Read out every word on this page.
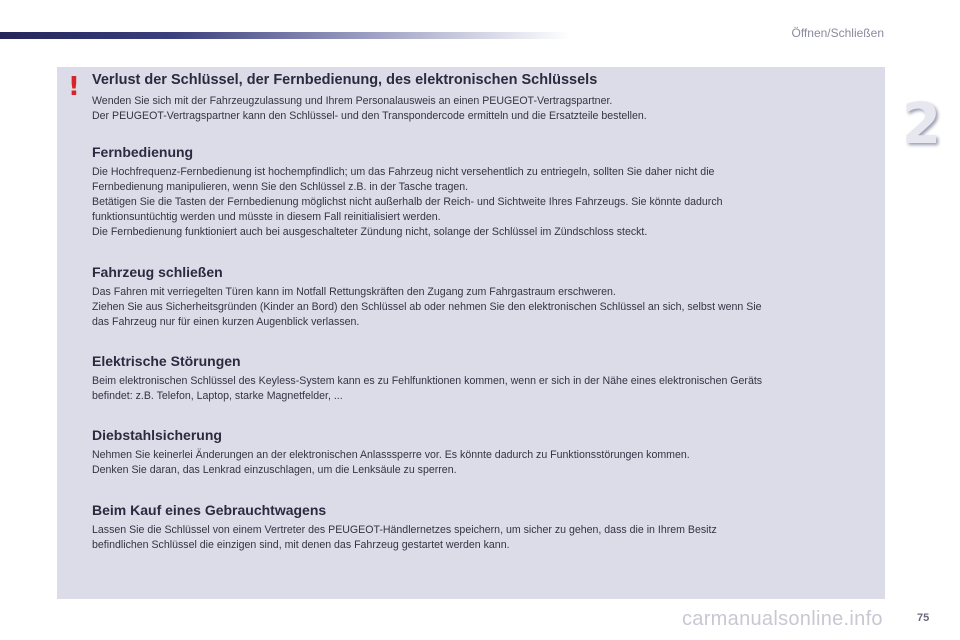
Öffnen/Schließen
2
! Verlust der Schlüssel, der Fernbedienung, des elektronischen Schlüssels

Wenden Sie sich mit der Fahrzeugzulassung und Ihrem Personalausweis an einen PEUGEOT-Vertragspartner.

Der PEUGEOT-Vertragspartner kann den Schlüssel- und den Transpondercode ermitteln und die Ersatzteile bestellen.

Fernbedienung

Die Hochfrequenz-Fernbedienung ist hochempfindlich; um das Fahrzeug nicht versehentlich zu entriegeln, sollten Sie daher nicht die

Fernbedienung manipulieren, wenn Sie den Schlüssel z.B. in der Tasche tragen.

Betätigen Sie die Tasten der Fernbedienung möglichst nicht außerhalb der Reich- und Sichtweite Ihres Fahrzeugs. Sie könnte dadurch

funktionsuntüchtig werden und müsste in diesem Fall reinitialisiert werden.

Die Fernbedienung funktioniert auch bei ausgeschalteter Zündung nicht, solange der Schlüssel im Zündschloss steckt.

Fahrzeug schließen

Das Fahren mit verriegelten Türen kann im Notfall Rettungskräften den Zugang zum Fahrgastraum erschweren.

Ziehen Sie aus Sicherheitsgründen (Kinder an Bord) den Schlüssel ab oder nehmen Sie den elektronischen Schlüssel an sich, selbst wenn Sie

das Fahrzeug nur für einen kurzen Augenblick verlassen.

Elektrische Störungen

Beim elektronischen Schlüssel des Keyless-System kann es zu Fehlfunktionen kommen, wenn er sich in der Nähe eines elektronischen Geräts

befindet: z.B. Telefon, Laptop, starke Magnetfelder, ...

Diebstahlsicherung

Nehmen Sie keinerlei Änderungen an der elektronischen Anlasssperre vor. Es könnte dadurch zu Funktionsstörungen kommen.

Denken Sie daran, das Lenkrad einzuschlagen, um die Lenksäule zu sperren.

Beim Kauf eines Gebrauchtwagens

Lassen Sie die Schlüssel von einem Vertreter des PEUGEOT-Händlernetzes speichern, um sicher zu gehen, dass die in Ihrem Besitz

befindlichen Schlüssel die einzigen sind, mit denen das Fahrzeug gestartet werden kann.

carmanualsonline.info	75
